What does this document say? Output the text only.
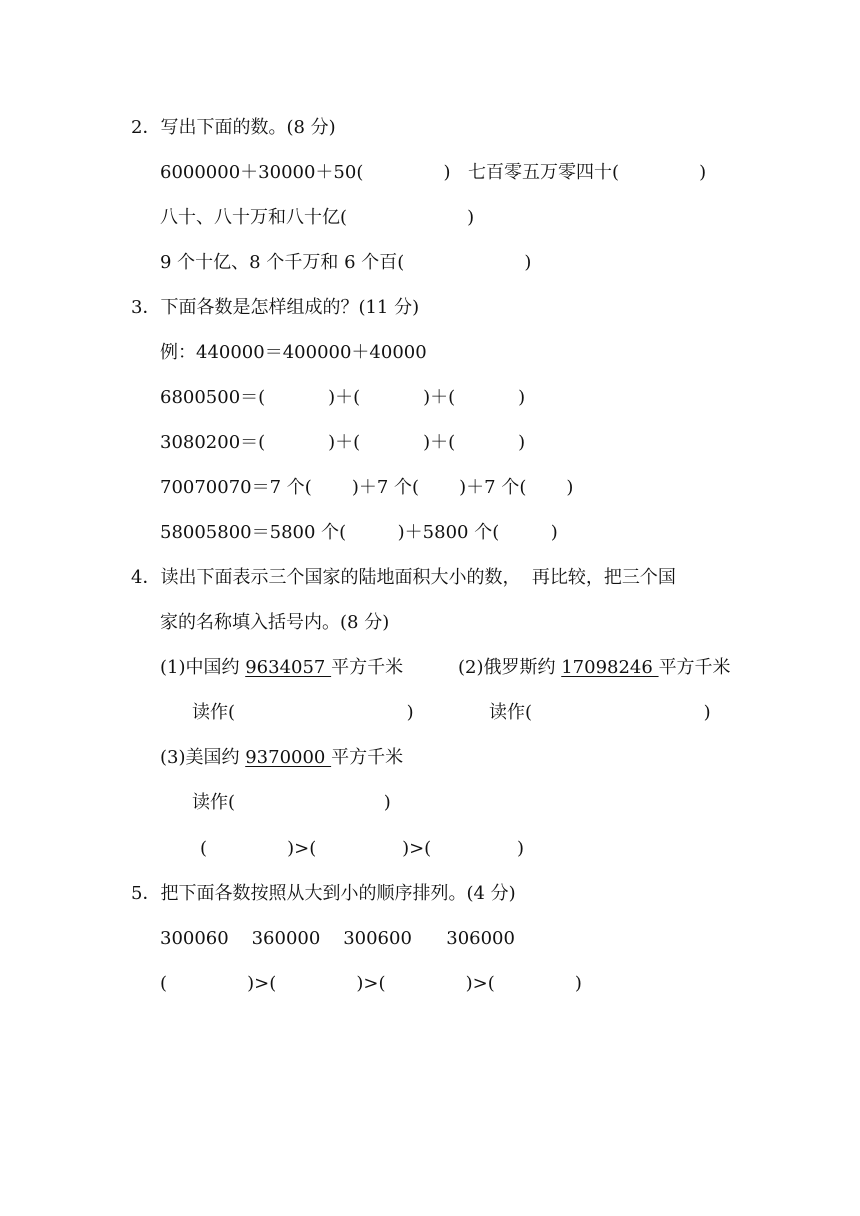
2．写出下面的数。(8 分)
6000000＋30000＋50(              ) 七百零五万零四十(              )
八十、八十万和八十亿(                     )
9 个十亿、8 个千万和 6 个百(                     )
3．下面各数是怎样组成的？(11 分)
例：440000＝400000＋40000
6800500＝(           )＋(           )＋(           )
3080200＝(           )＋(           )＋(           )
70070070＝7 个(       )＋7 个(       )＋7 个(       )
58005800＝5800 个(         )＋5800 个(         )
4．读出下面表示三个国家的陆地面积大小的数，  再比较，把三个国
家的名称填入括号内。(8 分)
(1)中国约 9634057 平方千米	(2)俄罗斯约 17098246 平方千米
读作(                              )	读作(                              )
(3)美国约 9370000 平方千米
读作(                          )
(              )>(               )>(               )
5．把下面各数按照从大到小的顺序排列。(4 分)
300060    360000    300600      306000
(              )>(              )>(              )>(              )
